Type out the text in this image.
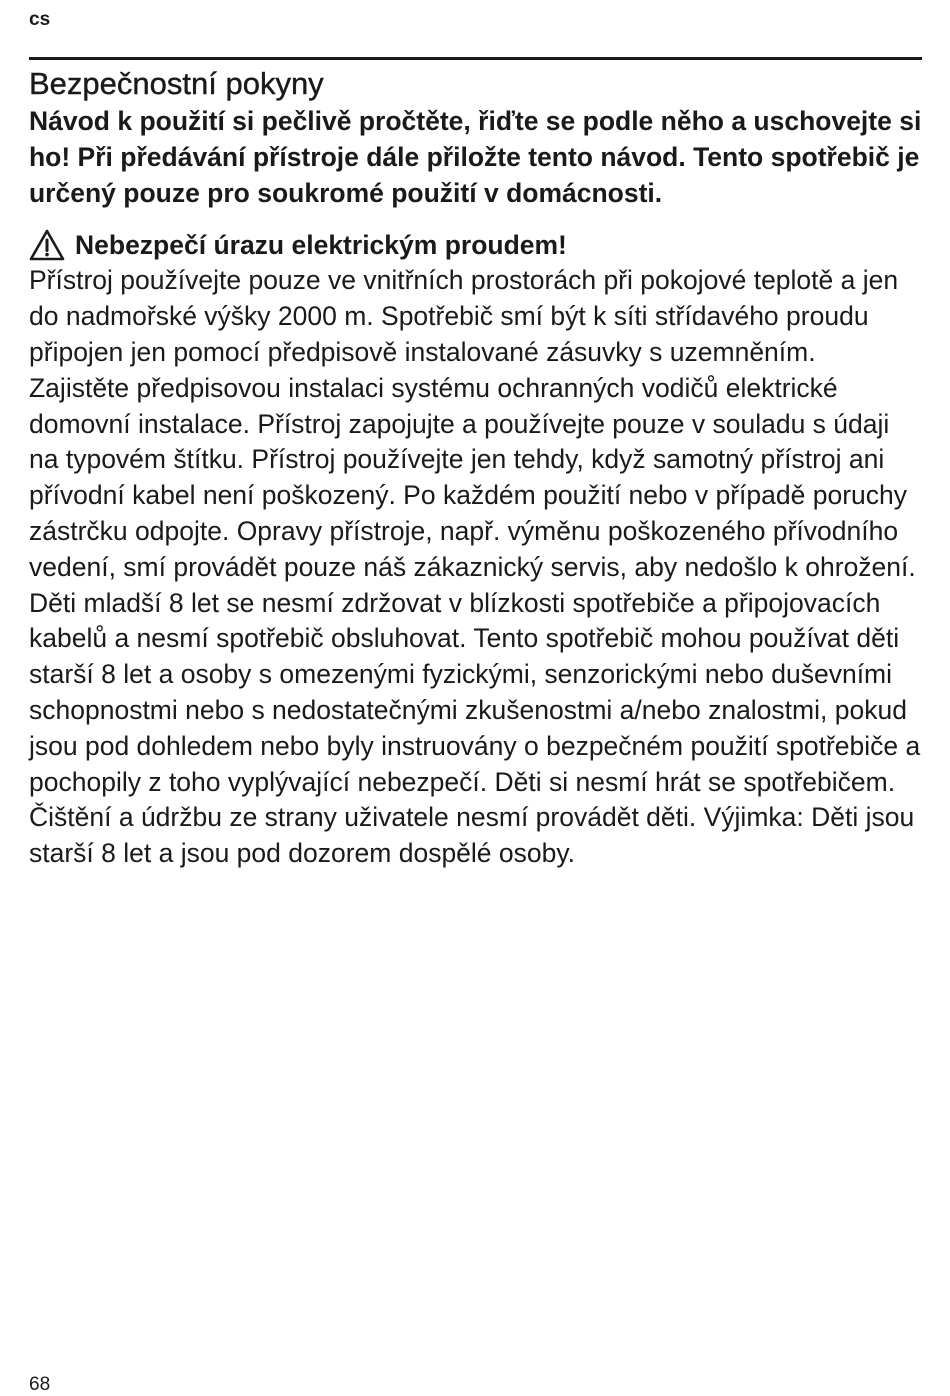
cs
Bezpečnostní pokyny

Návod k použití si pečlivě pročtěte, řiďte se podle něho a uschovejte si ho! Při předávání přístroje dále přiložte tento návod. Tento spotřebič je určený pouze pro soukromé použití v domácnosti.

Nebezpečí úrazu elektrickým proudem!

Přístroj používejte pouze ve vnitřních prostorách při pokojové teplotě a jen do nadmořské výšky 2000 m. Spotřebič smí být k síti střídavého proudu připojen jen pomocí předpisově instalované zásuvky s uzemněním. Zajistěte předpisovou instalaci systému ochranných vodičů elektrické domovní instalace. Přístroj zapojujte a používejte pouze v souladu s údaji na typovém štítku. Přístroj používejte jen tehdy, když samotný přístroj ani přívodní kabel není poškozený. Po každém použití nebo v případě poruchy zástrčku odpojte. Opravy přístroje, např. výměnu poškozeného přívodního vedení, smí provádět pouze náš zákaznický servis, aby nedošlo k ohrožení.

Děti mladší 8 let se nesmí zdržovat v blízkosti spotřebiče a připojovacích kabelů a nesmí spotřebič obsluhovat. Tento spotřebič mohou používat děti starší 8 let a osoby s omezenými fyzickými, senzorickými nebo duševními schopnostmi nebo s nedostatečnými zkušenostmi a/nebo znalostmi, pokud jsou pod dohledem nebo byly instruovány o bezpečném použití spotřebiče a pochopily z toho vyplývající nebezpečí. Děti si nesmí hrát se spotřebičem. Čištění a údržbu ze strany uživatele nesmí provádět děti. Výjimka: Děti jsou starší 8 let a jsou pod dozorem dospělé osoby.

68
